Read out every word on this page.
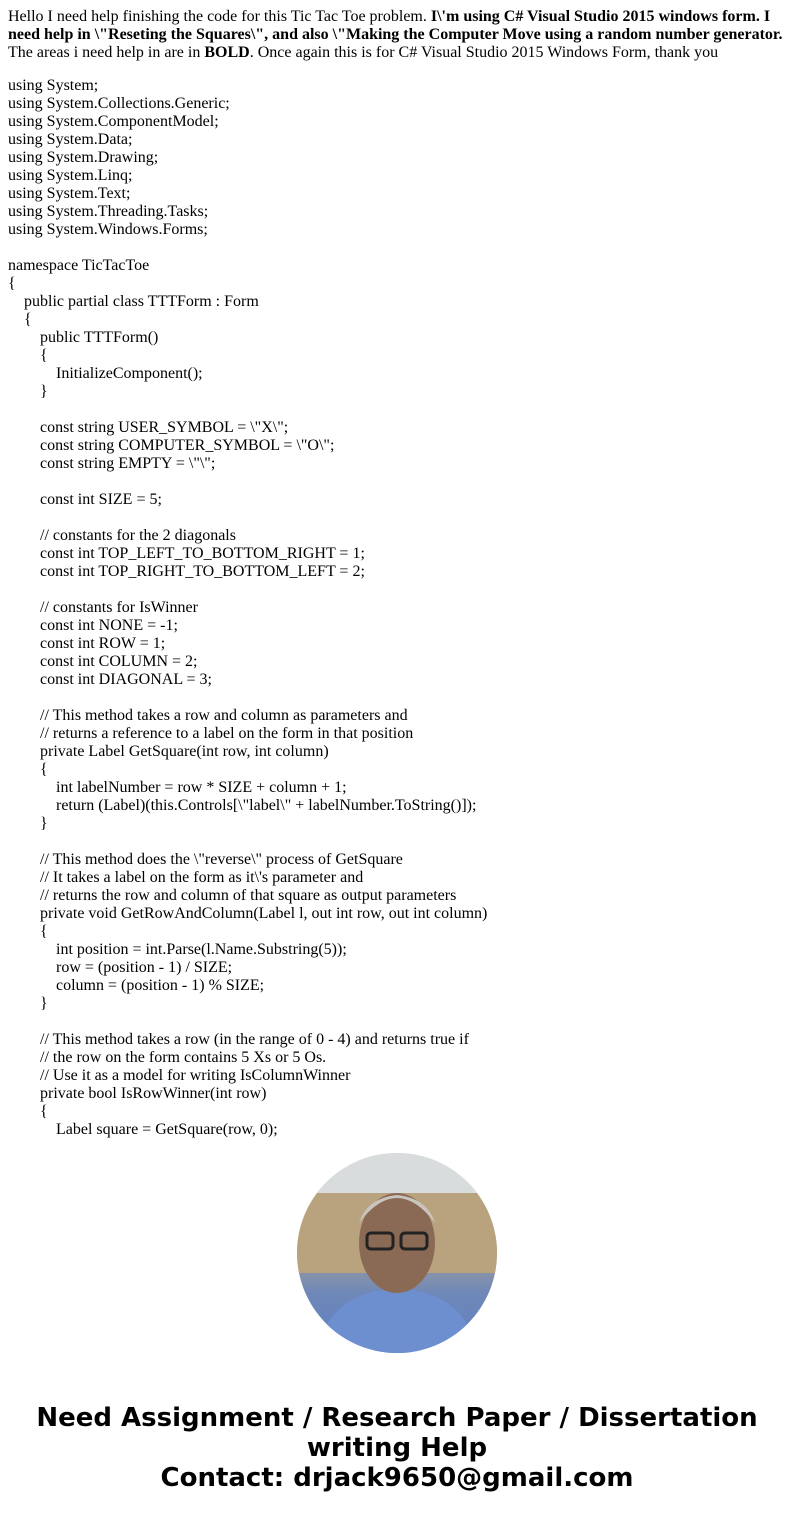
Hello I need help finishing the code for this Tic Tac Toe problem. I\'m using C# Visual Studio 2015 windows form. I need help in \"Reseting the Squares\", and also \"Making the Computer Move using a random number generator. The areas i need help in are in BOLD. Once again this is for C# Visual Studio 2015 Windows Form, thank you
using System;
using System.Collections.Generic;
using System.ComponentModel;
using System.Data;
using System.Drawing;
using System.Linq;
using System.Text;
using System.Threading.Tasks;
using System.Windows.Forms;
namespace TicTacToe
{
public partial class TTTForm : Form
{
public TTTForm()
{
InitializeComponent();
}
const string USER_SYMBOL = \"X\";
const string COMPUTER_SYMBOL = \"O\";
const string EMPTY = \"\";
const int SIZE = 5;
// constants for the 2 diagonals
const int TOP_LEFT_TO_BOTTOM_RIGHT = 1;
const int TOP_RIGHT_TO_BOTTOM_LEFT = 2;
// constants for IsWinner
const int NONE = -1;
const int ROW = 1;
const int COLUMN = 2;
const int DIAGONAL = 3;
// This method takes a row and column as parameters and
// returns a reference to a label on the form in that position
private Label GetSquare(int row, int column)
{
int labelNumber = row * SIZE + column + 1;
return (Label)(this.Controls[\"label\" + labelNumber.ToString()]);
}
// This method does the \"reverse\" process of GetSquare
// It takes a label on the form as it\'s parameter and
// returns the row and column of that square as output parameters
private void GetRowAndColumn(Label l, out int row, out int column)
{
int position = int.Parse(l.Name.Substring(5));
row = (position - 1) / SIZE;
column = (position - 1) % SIZE;
}
// This method takes a row (in the range of 0 - 4) and returns true if
// the row on the form contains 5 Xs or 5 Os.
// Use it as a model for writing IsColumnWinner
private bool IsRowWinner(int row)
{
Label square = GetSquare(row, 0);
Need Assignment / Research Paper / Dissertation writing Help
Contact: drjack9650@gmail.com
